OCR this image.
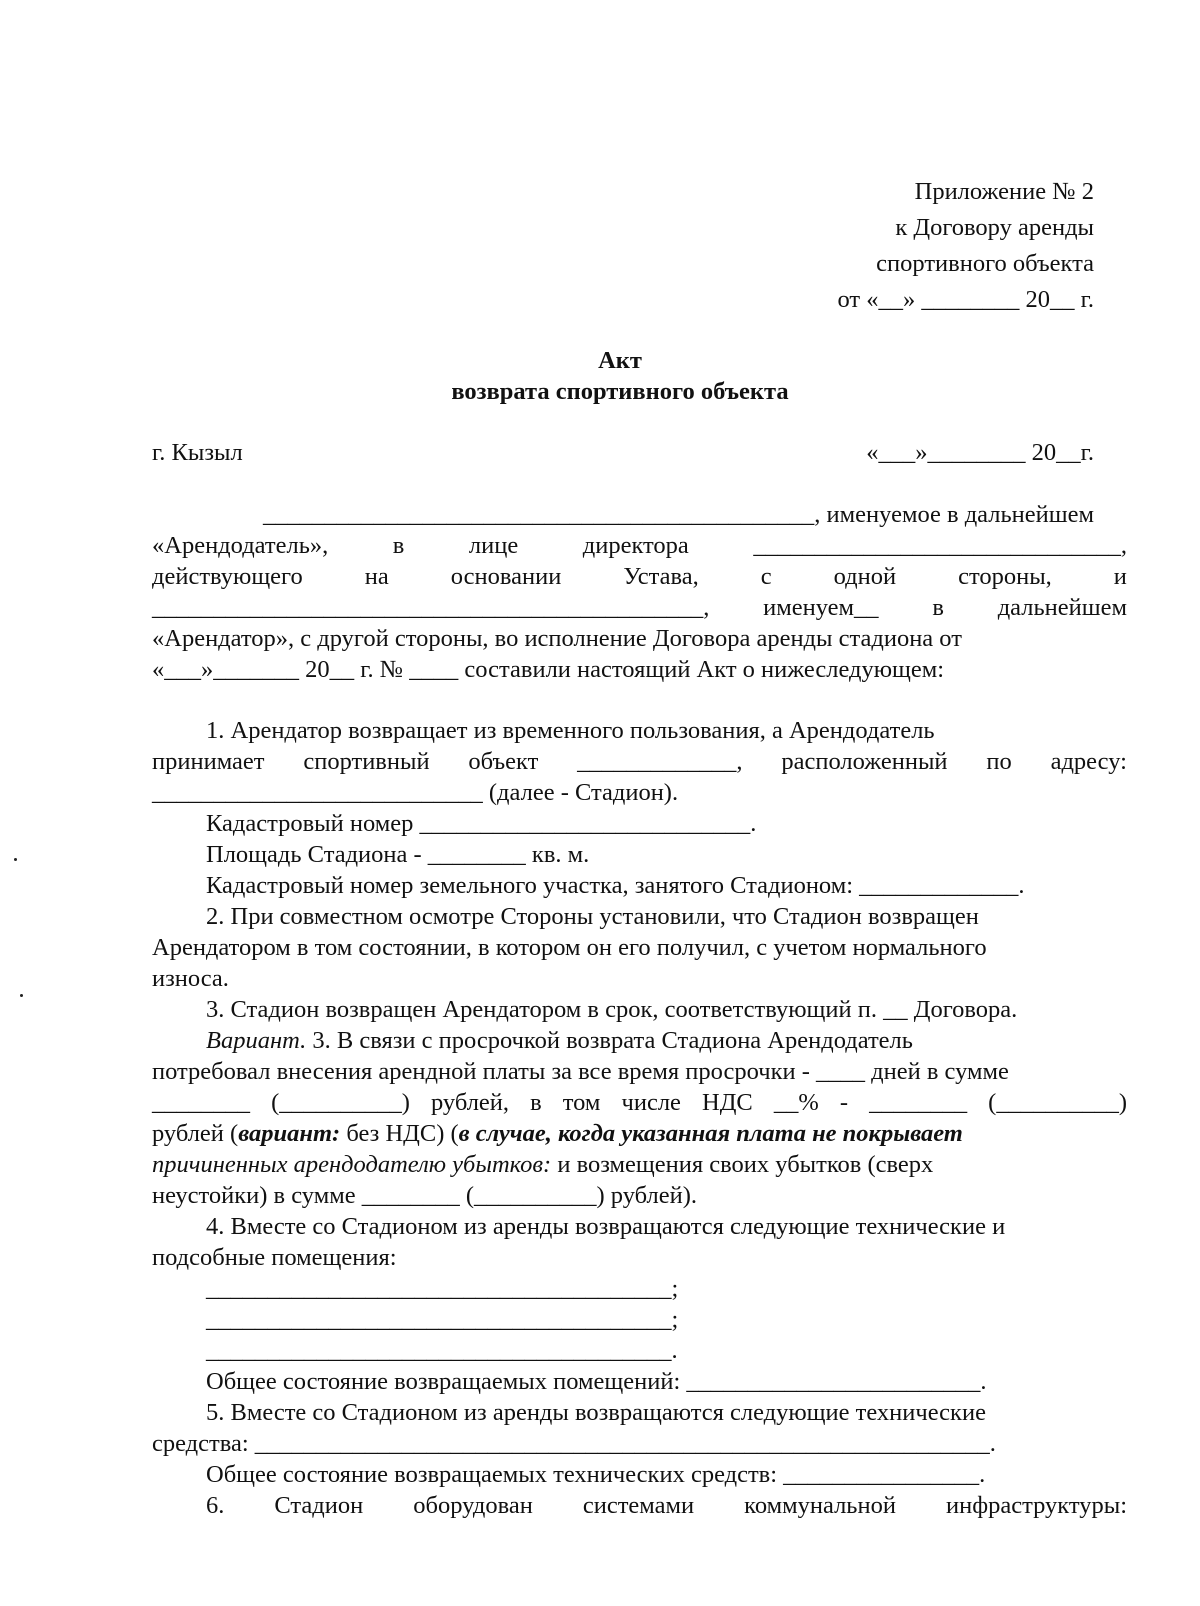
Приложение № 2
к Договору аренды
спортивного объекта
от «__» ________ 20__ г.
Акт
возврата спортивного объекта
г. Кызыл	«___»________ 20__г.
_____________________________________________, именуемое в дальнейшем
«Арендодатель»,	в	лице	директора	______________________________,
действующего	на	основании	Устава,	с	одной	стороны,	и
_____________________________________________, именуем__ в дальнейшем
«Арендатор», с другой стороны, во исполнение Договора аренды стадиона от
«___»_______ 20__ г. № ____ составили настоящий Акт о нижеследующем:
1. Арендатор возвращает из временного пользования, а Арендодатель
принимает спортивный объект _____________, расположенный по адресу:
___________________________ (далее - Стадион).
Кадастровый номер ___________________________.
Площадь Стадиона - ________ кв. м.
Кадастровый номер земельного участка, занятого Стадионом: _____________.
2. При совместном осмотре Стороны установили, что Стадион возвращен
Арендатором в том состоянии, в котором он его получил, с учетом нормального
износа.
3. Стадион возвращен Арендатором в срок, соответствующий п. __ Договора.
Вариант. 3. В связи с просрочкой возврата Стадиона Арендодатель
потребовал внесения арендной платы за все время просрочки - ____ дней в сумме
________ (__________) рублей, в том числе НДС __% - ________ (__________)
рублей (вариант: без НДС) (в случае, когда указанная плата не покрывает
причиненных арендодателю убытков: и возмещения своих убытков (сверх
неустойки) в сумме ________ (__________) рублей).
4. Вместе со Стадионом из аренды возвращаются следующие технические и
подсобные помещения:
______________________________________;
______________________________________;
______________________________________.
Общее состояние возвращаемых помещений: ________________________.
5. Вместе со Стадионом из аренды возвращаются следующие технические
средства: ____________________________________________________________.
Общее состояние возвращаемых технических средств: ________________.
6. Стадион оборудован системами коммунальной инфраструктуры:
